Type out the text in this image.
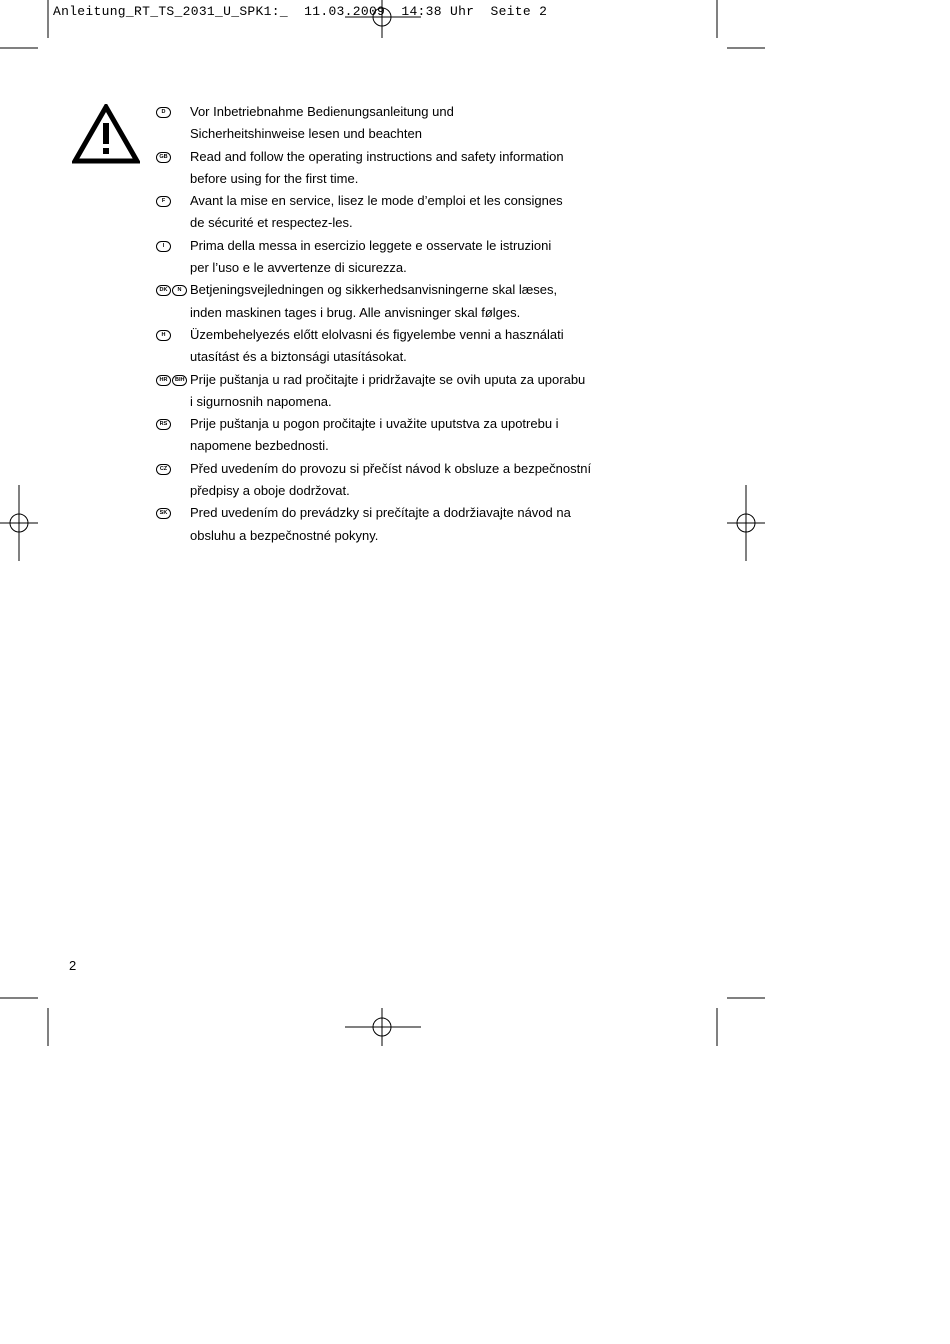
Anleitung_RT_TS_2031_U_SPK1:_  11.03.2009  14:38 Uhr  Seite 2
D	Vor Inbetriebnahme Bedienungsanleitung und
Sicherheitshinweise lesen und beachten
GB Read and follow the operating instructions and safety information
before using for the first time.
F	Avant la mise en service, lisez le mode d’emploi et les consignes
de sécurité et respectez-les.
I	Prima della messa in esercizio leggete e osservate le istruzioni
per l’uso e le avvertenze di sicurezza.
DK	N Betjeningsvejledningen og sikkerhedsanvisningerne skal læses,
inden maskinen tages i brug. Alle anvisninger skal følges.
H	Üzembehelyezés előtt elolvasni és figyelembe venni a használati
utasítást és a biztonsági utasításokat.
HR	BIH Prije puštanja u rad pročitajte i pridržavajte se ovih uputa za uporabu
i sigurnosnih napomena.
RS Prije puštanja u pogon pročitajte i uvažite uputstva za upotrebu i
napomene bezbednosti.
CZ Před uvedením do provozu si přečíst návod k obsluze a bezpečnostní
předpisy a oboje dodržovat.
SK Pred uvedením do prevádzky si prečítajte a dodržiavajte návod na
obsluhu a bezpečnostné pokyny.
2
